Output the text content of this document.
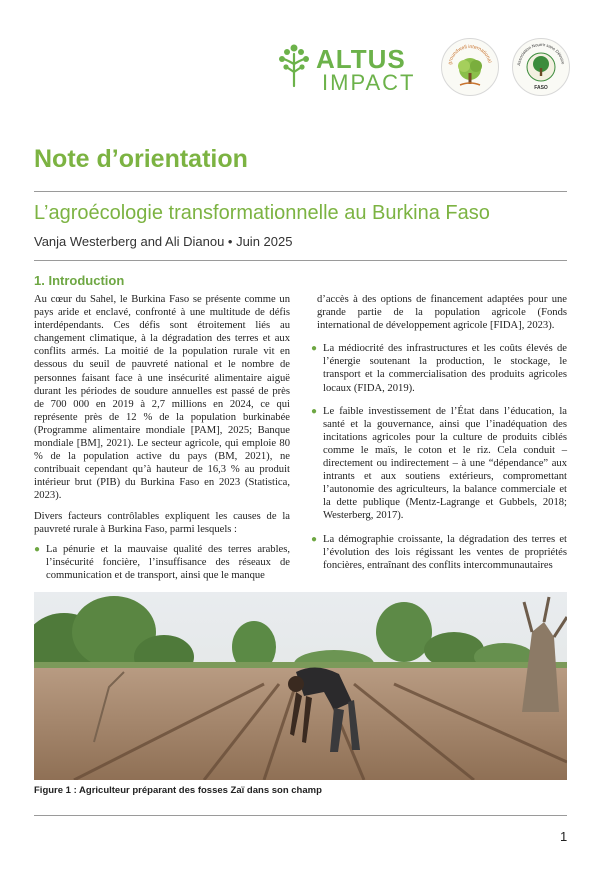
ALTUS
IMPACT
groundwell international
Association Nourrir sans Détruire
FASO
Note d’orientation
L’agroécologie transformationnelle au Burkina Faso
Vanja Westerberg and Ali Dianou • Juin 2025
1. Introduction

Au cœur du Sahel, le Burkina Faso se présente comme un pays aride et enclavé, confronté à une multitude de défis interdépendants. Ces défis sont étroitement liés au changement climatique, à la dégradation des terres et aux conflits armés. La moitié de la population rurale vit en dessous du seuil de pauvreté national et le nombre de personnes faisant face à une insécurité alimentaire aiguë durant les périodes de soudure annuelles est passé de près de 700 000 en 2019 à 2,7 millions en 2024, ce qui représente près de 12 % de la population burkinabée (Programme alimentaire mondiale [PAM], 2025; Banque mondiale [BM], 2021). Le secteur agricole, qui emploie 80 % de la population active du pays (BM, 2021), ne contribuait cependant qu’à hauteur de 16,3 % au produit intérieur brut (PIB) du Burkina Faso en 2023 (Statistica, 2023).

Divers facteurs contrôlables expliquent les causes de la pauvreté rurale à Burkina Faso, parmi lesquels :

● La pénurie et la mauvaise qualité des terres arables, l’insécurité foncière, l’insuffisance des réseaux de communication et de transport, ainsi que le manque
d’accès à des options de financement adaptées pour une grande partie de la population agricole (Fonds international de développement agricole [FIDA], 2023).
● La médiocrité des infrastructures et les coûts élevés de l’énergie soutenant la production, le stockage, le transport et la commercialisation des produits agricoles locaux (FIDA, 2019).
● Le faible investissement de l’État dans l’éducation, la santé et la gouvernance, ainsi que l’inadéquation des incitations agricoles pour la culture de produits ciblés comme le maïs, le coton et le riz. Cela conduit – directement ou indirectement – à une “dépendance” aux intrants et aux soutiens extérieurs, compromettant l’autonomie des agriculteurs, la balance commerciale et la dette publique (Mentz-Lagrange et Gubbels, 2018; Westerberg, 2017).
● La démographie croissante, la dégradation des terres et l’évolution des lois régissant les ventes de propriétés foncières, entraînant des conflits intercommunautaires
Figure 1 : Agriculteur préparant des fosses Zaï dans son champ
1
